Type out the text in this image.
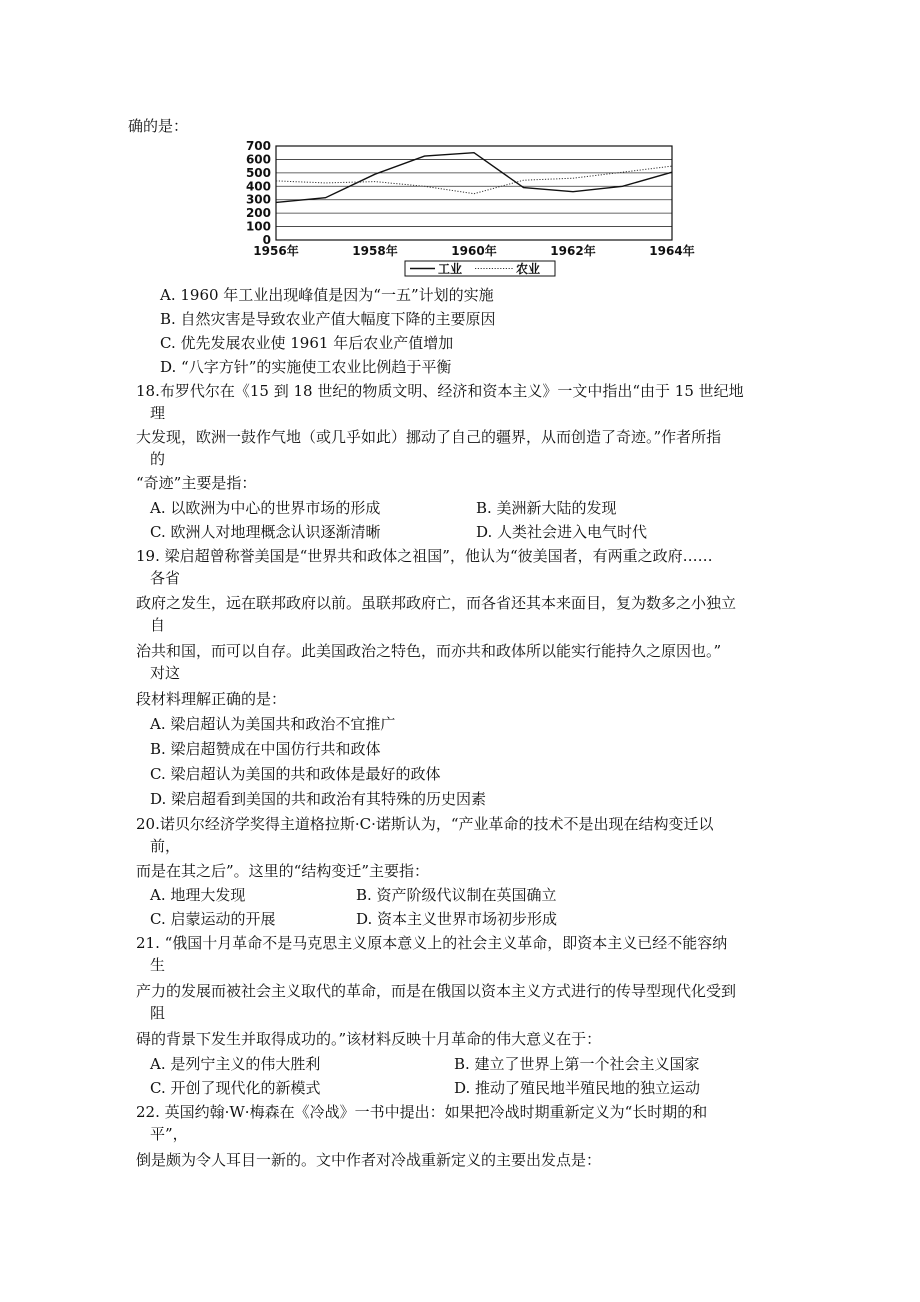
确的是：
0
100
200
300
400
500
600
700
1956年	1958年	1960年	1962年	1964年
工业	农业
A. 1960 年工业出现峰值是因为“一五”计划的实施
B. 自然灾害是导致农业产值大幅度下降的主要原因
C. 优先发展农业使 1961 年后农业产值增加
D. “八字方针”的实施使工农业比例趋于平衡
18.布罗代尔在《15 到 18 世纪的物质文明、经济和资本主义》一文中指出“由于 15 世纪地
理
大发现，欧洲一鼓作气地（或几乎如此）挪动了自己的疆界，从而创造了奇迹。”作者所指
的
“奇迹”主要是指：
A. 以欧洲为中心的世界市场的形成	B. 美洲新大陆的发现
C. 欧洲人对地理概念认识逐渐清晰	D. 人类社会进入电气时代
19. 梁启超曾称誉美国是“世界共和政体之祖国”，他认为“彼美国者，有两重之政府……
各省
政府之发生，远在联邦政府以前。虽联邦政府亡，而各省还其本来面目，复为数多之小独立
自
治共和国，而可以自存。此美国政治之特色，而亦共和政体所以能实行能持久之原因也。”
对这
段材料理解正确的是：
A. 梁启超认为美国共和政治不宜推广
B. 梁启超赞成在中国仿行共和政体
C. 梁启超认为美国的共和政体是最好的政体
D. 梁启超看到美国的共和政治有其特殊的历史因素
20.诺贝尔经济学奖得主道格拉斯·C·诺斯认为，“产业革命的技术不是出现在结构变迁以
前，
而是在其之后”。这里的“结构变迁”主要指：
A. 地理大发现	B. 资产阶级代议制在英国确立
C. 启蒙运动的开展	D. 资本主义世界市场初步形成
21. “俄国十月革命不是马克思主义原本意义上的社会主义革命，即资本主义已经不能容纳
生
产力的发展而被社会主义取代的革命，而是在俄国以资本主义方式进行的传导型现代化受到
阻
碍的背景下发生并取得成功的。”该材料反映十月革命的伟大意义在于：
A. 是列宁主义的伟大胜利	B. 建立了世界上第一个社会主义国家
C. 开创了现代化的新模式	D. 推动了殖民地半殖民地的独立运动
22. 英国约翰·W·梅森在《冷战》一书中提出：如果把冷战时期重新定义为“长时期的和
平”，
倒是颇为令人耳目一新的。文中作者对冷战重新定义的主要出发点是：
